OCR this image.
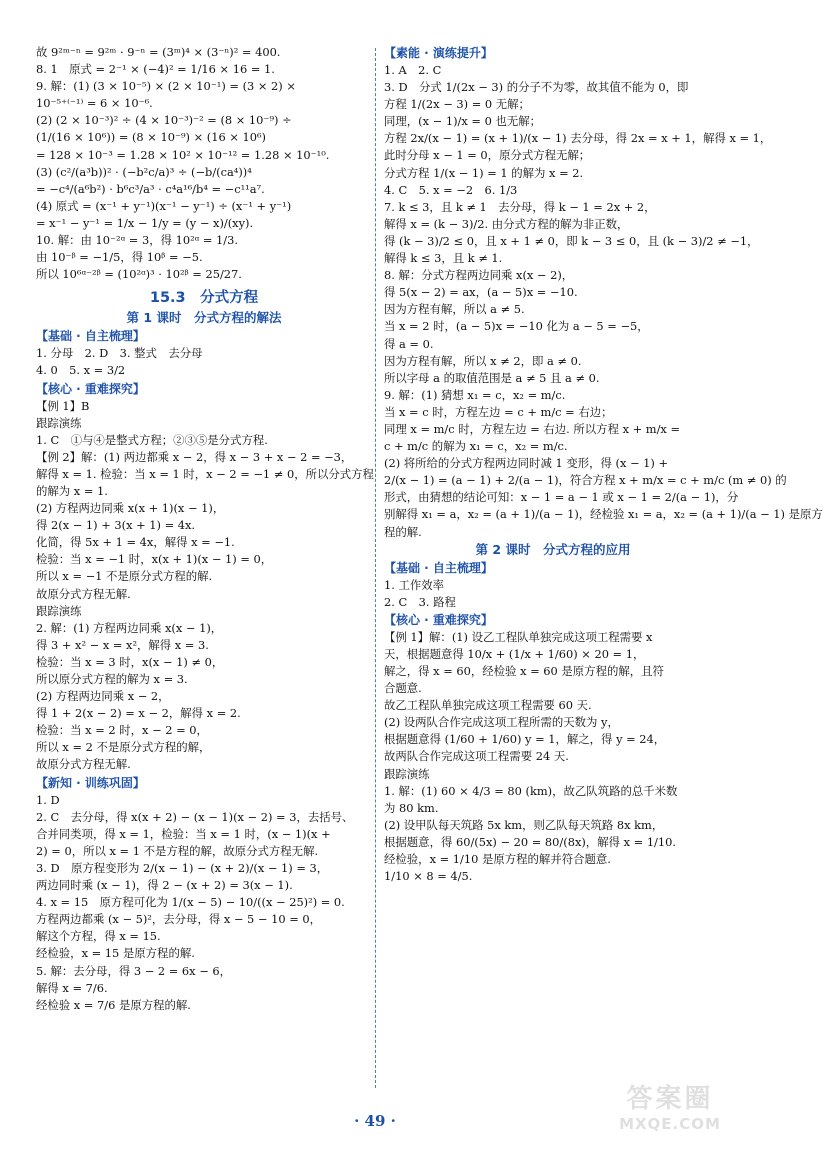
故 9²ᵐ⁻ⁿ = 9²ᵐ · 9⁻ⁿ = (3ᵐ)⁴ × (3⁻ⁿ)² = 400.
8. 1　原式 = 2⁻¹ × (−4)² = 1/16 × 16 = 1.
9. 解：(1) (3 × 10⁻⁵) × (2 × 10⁻¹) = (3 × 2) ×
10⁻⁵⁺⁽⁻¹⁾ = 6 × 10⁻⁶.
(2) (2 × 10⁻³)² ÷ (4 × 10⁻³)⁻² = (8 × 10⁻⁹) ÷
(1/(16 × 10⁶)) = (8 × 10⁻⁹) × (16 × 10⁶)
= 128 × 10⁻³ = 1.28 × 10² × 10⁻¹² = 1.28 × 10⁻¹⁰.
(3) (c²/(a³b))² · (−b²c/a)³ ÷ (−b/(ca⁴))⁴
= −c⁴/(a⁶b²) · b⁶c³/a³ · c⁴a¹⁶/b⁴ = −c¹¹a⁷.
(4) 原式 = (x⁻¹ + y⁻¹)(x⁻¹ − y⁻¹) ÷ (x⁻¹ + y⁻¹)
= x⁻¹ − y⁻¹ = 1/x − 1/y = (y − x)/(xy).
10. 解：由 10⁻²ᵅ = 3，得 10²ᵅ = 1/3.
由 10⁻ᵝ = −1/5，得 10ᵝ = −5.
所以 10⁶ᵅ⁻²ᵝ = (10²ᵅ)³ · 10²ᵝ = 25/27.
15.3　分式方程
第 1 课时　分式方程的解法
【基础 · 自主梳理】
1. 分母　2. D　3. 整式　去分母
4. 0　5. x = 3/2
【核心 · 重难探究】
【例 1】B
跟踪演练
1. C　①与④是整式方程；②③⑤是分式方程.
【例 2】解：(1) 两边都乘 x − 2，得 x − 3 + x − 2 = −3，
解得 x = 1. 检验：当 x = 1 时，x − 2 = −1 ≠ 0，所以分式方程
的解为 x = 1.
(2) 方程两边同乘 x(x + 1)(x − 1)，
得 2(x − 1) + 3(x + 1) = 4x.
化简，得 5x + 1 = 4x，解得 x = −1.
检验：当 x = −1 时，x(x + 1)(x − 1) = 0，
所以 x = −1 不是原分式方程的解.
故原分式方程无解.
跟踪演练
2. 解：(1) 方程两边同乘 x(x − 1)，
得 3 + x² − x = x²，解得 x = 3.
检验：当 x = 3 时，x(x − 1) ≠ 0，
所以原分式方程的解为 x = 3.
(2) 方程两边同乘 x − 2，
得 1 + 2(x − 2) = x − 2，解得 x = 2.
检验：当 x = 2 时，x − 2 = 0，
所以 x = 2 不是原分式方程的解，
故原分式方程无解.
【新知 · 训练巩固】
1. D
2. C　去分母，得 x(x + 2) − (x − 1)(x − 2) = 3，去括号、
合并同类项，得 x = 1，检验：当 x = 1 时，(x − 1)(x +
2) = 0，所以 x = 1 不是方程的解，故原分式方程无解.
3. D　原方程变形为 2/(x − 1) − (x + 2)/(x − 1) = 3，
两边同时乘 (x − 1)，得 2 − (x + 2) = 3(x − 1).
4. x = 15　原方程可化为 1/(x − 5) − 10/((x − 25)²) = 0.
方程两边都乘 (x − 5)²，去分母，得 x − 5 − 10 = 0，
解这个方程，得 x = 15.
经检验，x = 15 是原方程的解.
5. 解：去分母，得 3 − 2 = 6x − 6，
解得 x = 7/6.
经检验 x = 7/6 是原方程的解.
【素能 · 演练提升】
1. A　2. C
3. D　分式 1/(2x − 3) 的分子不为零，故其值不能为 0，即
方程 1/(2x − 3) = 0 无解；
同理，(x − 1)/x = 0 也无解；
方程 2x/(x − 1) = (x + 1)/(x − 1) 去分母，得 2x = x + 1，解得 x = 1，
此时分母 x − 1 = 0，原分式方程无解；
分式方程 1/(x − 1) = 1 的解为 x = 2.
4. C　5. x = −2　6. 1/3
7. k ≤ 3，且 k ≠ 1　去分母，得 k − 1 = 2x + 2，
解得 x = (k − 3)/2. 由分式方程的解为非正数，
得 (k − 3)/2 ≤ 0，且 x + 1 ≠ 0，即 k − 3 ≤ 0，且 (k − 3)/2 ≠ −1，
解得 k ≤ 3，且 k ≠ 1.
8. 解：分式方程两边同乘 x(x − 2)，
得 5(x − 2) = ax，(a − 5)x = −10.
因为方程有解，所以 a ≠ 5.
当 x = 2 时，(a − 5)x = −10 化为 a − 5 = −5，
得 a = 0.
因为方程有解，所以 x ≠ 2，即 a ≠ 0.
所以字母 a 的取值范围是 a ≠ 5 且 a ≠ 0.
9. 解：(1) 猜想 x₁ = c，x₂ = m/c.
当 x = c 时，方程左边 = c + m/c = 右边；
同理 x = m/c 时，方程左边 = 右边. 所以方程 x + m/x =
c + m/c 的解为 x₁ = c，x₂ = m/c.
(2) 将所给的分式方程两边同时减 1 变形，得 (x − 1) +
2/(x − 1) = (a − 1) + 2/(a − 1)，符合方程 x + m/x = c + m/c (m ≠ 0) 的
形式，由猜想的结论可知：x − 1 = a − 1 或 x − 1 = 2/(a − 1)，分
别解得 x₁ = a，x₂ = (a + 1)/(a − 1)，经检验 x₁ = a，x₂ = (a + 1)/(a − 1) 是原方
程的解.
第 2 课时　分式方程的应用
【基础 · 自主梳理】
1. 工作效率
2. C　3. 路程
【核心 · 重难探究】
【例 1】解：(1) 设乙工程队单独完成这项工程需要 x
天，根据题意得 10/x + (1/x + 1/60) × 20 = 1，
解之，得 x = 60，经检验 x = 60 是原方程的解，且符
合题意.
故乙工程队单独完成这项工程需要 60 天.
(2) 设两队合作完成这项工程所需的天数为 y，
根据题意得 (1/60 + 1/60) y = 1，解之，得 y = 24，
故两队合作完成这项工程需要 24 天.
跟踪演练
1. 解：(1) 60 × 4/3 = 80 (km)，故乙队筑路的总千米数
为 80 km.
(2) 设甲队每天筑路 5x km，则乙队每天筑路 8x km，
根据题意，得 60/(5x) − 20 = 80/(8x)，解得 x = 1/10.
经检验，x = 1/10 是原方程的解并符合题意.
1/10 × 8 = 4/5.
· 49 ·
答案圈
MXQE.COM
